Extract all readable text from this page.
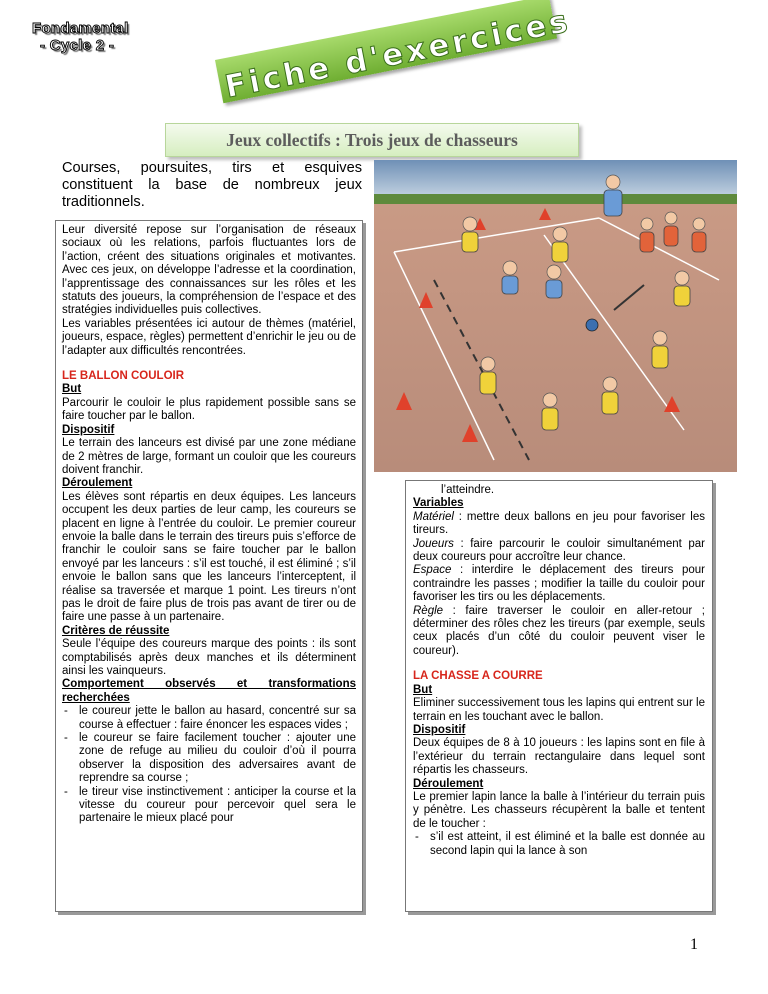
Fondamental
- Cycle 2 -	Fiche d'exercices
Jeux collectifs : Trois jeux de chasseurs
Courses, poursuites, tirs et esquives constituent la base de nombreux jeux traditionnels.

Leur diversité repose sur l’organisation de réseaux sociaux où les relations, parfois fluctuantes lors de l’action, créent des situations originales et motivantes. Avec ces jeux, on développe l’adresse et la coordination, l’apprentissage des connaissances sur les rôles et les statuts des joueurs, la compréhension de l’espace et des stratégies individuelles puis collectives.

Les variables présentées ici autour de thèmes (matériel, joueurs, espace, règles) permettent d’enrichir le jeu ou de l’adapter aux difficultés rencontrées.

LE BALLON COULOIR

But

Parcourir le couloir le plus rapidement possible sans se faire toucher par le ballon.

Dispositif

Le terrain des lanceurs est divisé par une zone médiane de 2 mètres de large, formant un couloir que les coureurs doivent franchir.

Déroulement

Les élèves sont répartis en deux équipes. Les lanceurs occupent les deux parties de leur camp, les coureurs se placent en ligne à l’entrée du couloir. Le premier coureur envoie la balle dans le terrain des tireurs puis s’efforce de franchir le couloir sans se faire toucher par le ballon envoyé par les lanceurs : s’il est touché, il est éliminé ; s’il envoie le ballon sans que les lanceurs l’interceptent, il réalise sa traversée et marque 1 point. Les tireurs n’ont pas le droit de faire plus de trois pas avant de tirer ou de faire une passe à un partenaire.

Critères de réussite

Seule l’équipe des coureurs marque des points : ils sont comptabilisés après deux manches et ils déterminent ainsi les vainqueurs.

Comportement observés et transformations recherchées

- le coureur jette le ballon au hasard, concentré sur sa course à effectuer : faire énoncer les espaces vides ;

- le coureur se faire facilement toucher : ajouter une zone de refuge au milieu du couloir d’où il pourra observer la disposition des adversaires avant de reprendre sa course ;

- le tireur vise instinctivement : anticiper la course et la vitesse du coureur pour percevoir quel sera le partenaire le mieux placé pour

l’atteindre.

Variables

Matériel : mettre deux ballons en jeu pour favoriser les tireurs.

Joueurs : faire parcourir le couloir simultanément par deux coureurs pour accroître leur chance.

Espace : interdire le déplacement des tireurs pour contraindre les passes ; modifier la taille du couloir pour favoriser les tirs ou les déplacements.

Règle : faire traverser le couloir en aller-retour ; déterminer des rôles chez les tireurs (par exemple, seuls ceux placés d’un côté du couloir peuvent viser le coureur).

LA CHASSE A COURRE

But

Eliminer successivement tous les lapins qui entrent sur le terrain en les touchant avec le ballon.

Dispositif

Deux équipes de 8 à 10 joueurs : les lapins sont en file à l’extérieur du terrain rectangulaire dans lequel sont répartis les chasseurs.

Déroulement

Le premier lapin lance la balle à l’intérieur du terrain puis y pénètre. Les chasseurs récupèrent la balle et tentent de le toucher :

- s’il est atteint, il est éliminé et la balle est donnée au second lapin qui la lance à son

1
